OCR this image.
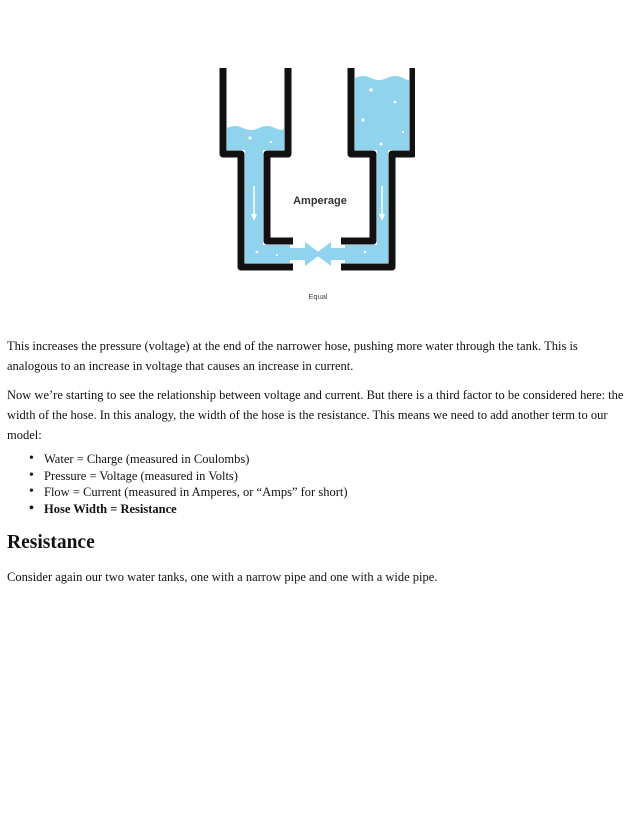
Amperage
Equal

This increases the pressure (voltage) at the end of the narrower hose, pushing more water through the tank. This is analogous to an increase in voltage that causes an increase in current.

Now we’re starting to see the relationship between voltage and current. But there is a third factor to be considered here: the width of the hose. In this analogy, the width of the hose is the resistance. This means we need to add another term to our model:

• Water = Charge (measured in Coulombs)
• Pressure = Voltage (measured in Volts)
• Flow = Current (measured in Amperes, or “Amps” for short)
• Hose Width = Resistance
Resistance

Consider again our two water tanks, one with a narrow pipe and one with a wide pipe.
